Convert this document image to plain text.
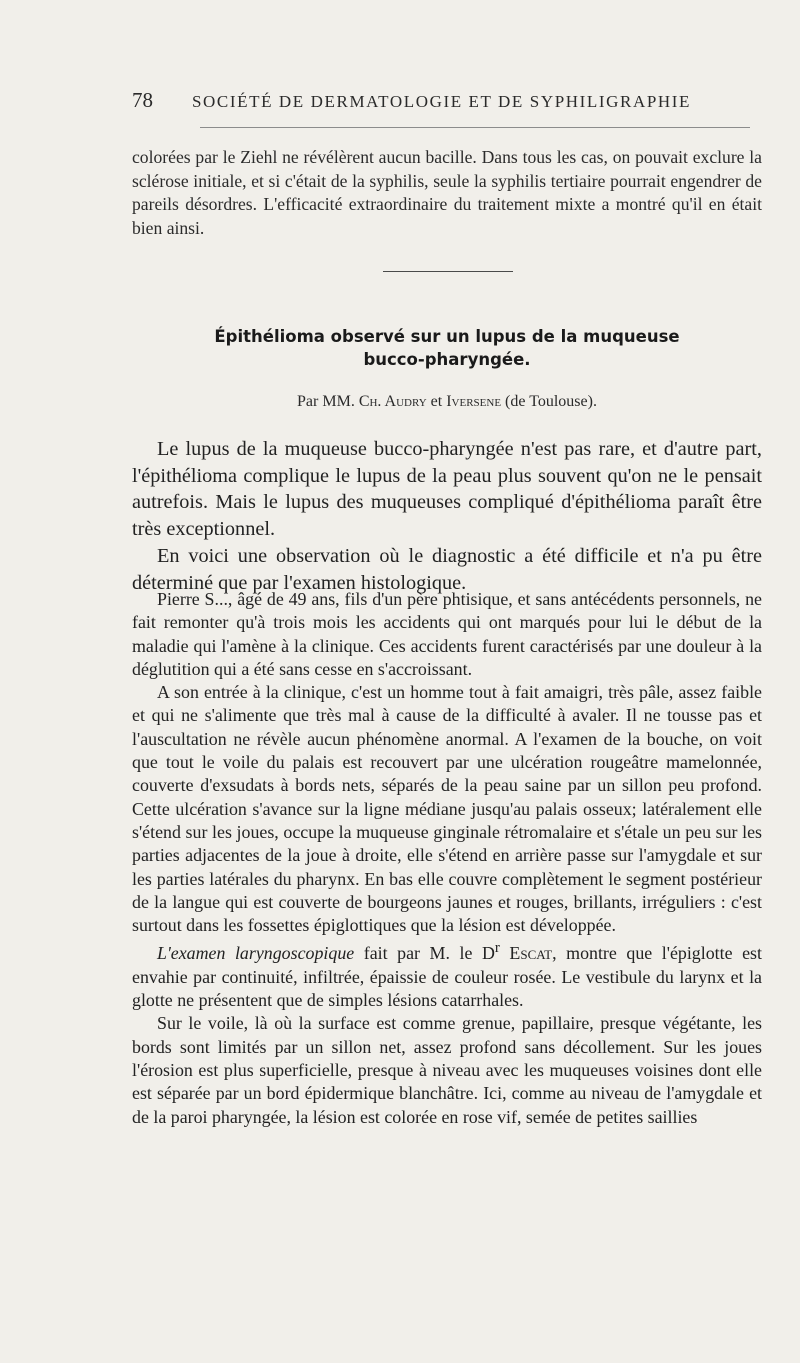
78	SOCIÉTÉ DE DERMATOLOGIE ET DE SYPHILIGRAPHIE

colorées par le Ziehl ne révélèrent aucun bacille. Dans tous les cas, on pouvait exclure la sclérose initiale, et si c'était de la syphilis, seule la syphilis tertiaire pourrait engendrer de pareils désordres. L'efficacité extraordinaire du traitement mixte a montré qu'il en était bien ainsi.

Épithélioma observé sur un lupus de la muqueuse
bucco-pharyngée.
Par MM. Ch. Audry et Iversene (de Toulouse).

Le lupus de la muqueuse bucco-pharyngée n'est pas rare, et d'autre part, l'épithélioma complique le lupus de la peau plus souvent qu'on ne le pensait autrefois. Mais le lupus des muqueuses compliqué d'épithélioma paraît être très exceptionnel.

En voici une observation où le diagnostic a été difficile et n'a pu être déterminé que par l'examen histologique.

Pierre S..., âgé de 49 ans, fils d'un père phtisique, et sans antécédents personnels, ne fait remonter qu'à trois mois les accidents qui ont marqués pour lui le début de la maladie qui l'amène à la clinique. Ces accidents furent caractérisés par une douleur à la déglutition qui a été sans cesse en s'accroissant.

A son entrée à la clinique, c'est un homme tout à fait amaigri, très pâle, assez faible et qui ne s'alimente que très mal à cause de la difficulté à avaler. Il ne tousse pas et l'auscultation ne révèle aucun phénomène anormal. A l'examen de la bouche, on voit que tout le voile du palais est recouvert par une ulcération rougeâtre mamelonnée, couverte d'exsudats à bords nets, séparés de la peau saine par un sillon peu profond. Cette ulcération s'avance sur la ligne médiane jusqu'au palais osseux; latéralement elle s'étend sur les joues, occupe la muqueuse ginginale rétromalaire et s'étale un peu sur les parties adjacentes de la joue à droite, elle s'étend en arrière passe sur l'amygdale et sur les parties latérales du pharynx. En bas elle couvre complètement le segment postérieur de la langue qui est couverte de bourgeons jaunes et rouges, brillants, irréguliers : c'est surtout dans les fossettes épiglottiques que la lésion est développée.

L'examen laryngoscopique fait par M. le $D^r$ Escat, montre que l'épiglotte est envahie par continuité, infiltrée, épaissie de couleur rosée. Le vestibule du larynx et la glotte ne présentent que de simples lésions catarrhales.

Sur le voile, là où la surface est comme grenue, papillaire, presque végétante, les bords sont limités par un sillon net, assez profond sans décollement. Sur les joues l'érosion est plus superficielle, presque à niveau avec les muqueuses voisines dont elle est séparée par un bord épidermique blanchâtre. Ici, comme au niveau de l'amygdale et de la paroi pharyngée, la lésion est colorée en rose vif, semée de petites saillies
